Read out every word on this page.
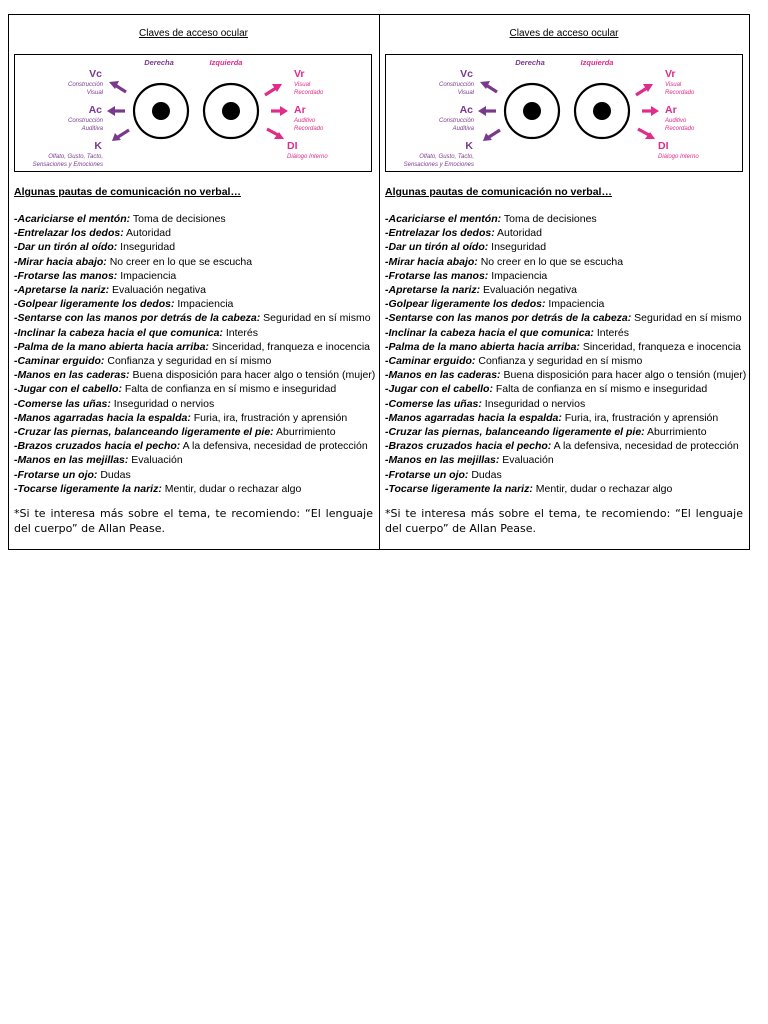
Claves de acceso ocular
Derecha	Izquierda
Vc
Construcción
Visual
Ac
Construcción
Auditiva
K
Olfato, Gusto, Tacto,
Sensaciones y Emociones
Vr
Visual
Recordado
Ar
Auditivo
Recordado
DI
Diálogo Interno
Algunas pautas de comunicación no verbal…
-Acariciarse el mentón: Toma de decisiones
-Entrelazar los dedos: Autoridad
-Dar un tirón al oído: Inseguridad
-Mirar hacia abajo: No creer en lo que se escucha
-Frotarse las manos: Impaciencia
-Apretarse la nariz: Evaluación negativa
-Golpear ligeramente los dedos: Impaciencia
-Sentarse con las manos por detrás de la cabeza: Seguridad en sí mismo
-Inclinar la cabeza hacia el que comunica: Interés
-Palma de la mano abierta hacia arriba: Sinceridad, franqueza e inocencia
-Caminar erguido: Confianza y seguridad en sí mismo
-Manos en las caderas: Buena disposición para hacer algo o tensión (mujer)
-Jugar con el cabello: Falta de confianza en sí mismo e inseguridad
-Comerse las uñas: Inseguridad o nervios
-Manos agarradas hacia la espalda: Furia, ira, frustración y aprensión
-Cruzar las piernas, balanceando ligeramente el pie: Aburrimiento
-Brazos cruzados hacia el pecho: A la defensiva, necesidad de protección
-Manos en las mejillas: Evaluación
-Frotarse un ojo: Dudas
-Tocarse ligeramente la nariz: Mentir, dudar o rechazar algo
*Si te interesa más sobre el tema, te recomiendo: “El lenguaje del cuerpo” de Allan Pease.
Claves de acceso ocular
Derecha	Izquierda
Vc
Construcción
Visual
Ac
Construcción
Auditiva
K
Olfato, Gusto, Tacto,
Sensaciones y Emociones
Vr
Visual
Recordado
Ar
Auditivo
Recordado
DI
Diálogo Interno
Algunas pautas de comunicación no verbal…
-Acariciarse el mentón: Toma de decisiones
-Entrelazar los dedos: Autoridad
-Dar un tirón al oído: Inseguridad
-Mirar hacia abajo: No creer en lo que se escucha
-Frotarse las manos: Impaciencia
-Apretarse la nariz: Evaluación negativa
-Golpear ligeramente los dedos: Impaciencia
-Sentarse con las manos por detrás de la cabeza: Seguridad en sí mismo
-Inclinar la cabeza hacia el que comunica: Interés
-Palma de la mano abierta hacia arriba: Sinceridad, franqueza e inocencia
-Caminar erguido: Confianza y seguridad en sí mismo
-Manos en las caderas: Buena disposición para hacer algo o tensión (mujer)
-Jugar con el cabello: Falta de confianza en sí mismo e inseguridad
-Comerse las uñas: Inseguridad o nervios
-Manos agarradas hacia la espalda: Furia, ira, frustración y aprensión
-Cruzar las piernas, balanceando ligeramente el pie: Aburrimiento
-Brazos cruzados hacia el pecho: A la defensiva, necesidad de protección
-Manos en las mejillas: Evaluación
-Frotarse un ojo: Dudas
-Tocarse ligeramente la nariz: Mentir, dudar o rechazar algo
*Si te interesa más sobre el tema, te recomiendo: “El lenguaje del cuerpo” de Allan Pease.
